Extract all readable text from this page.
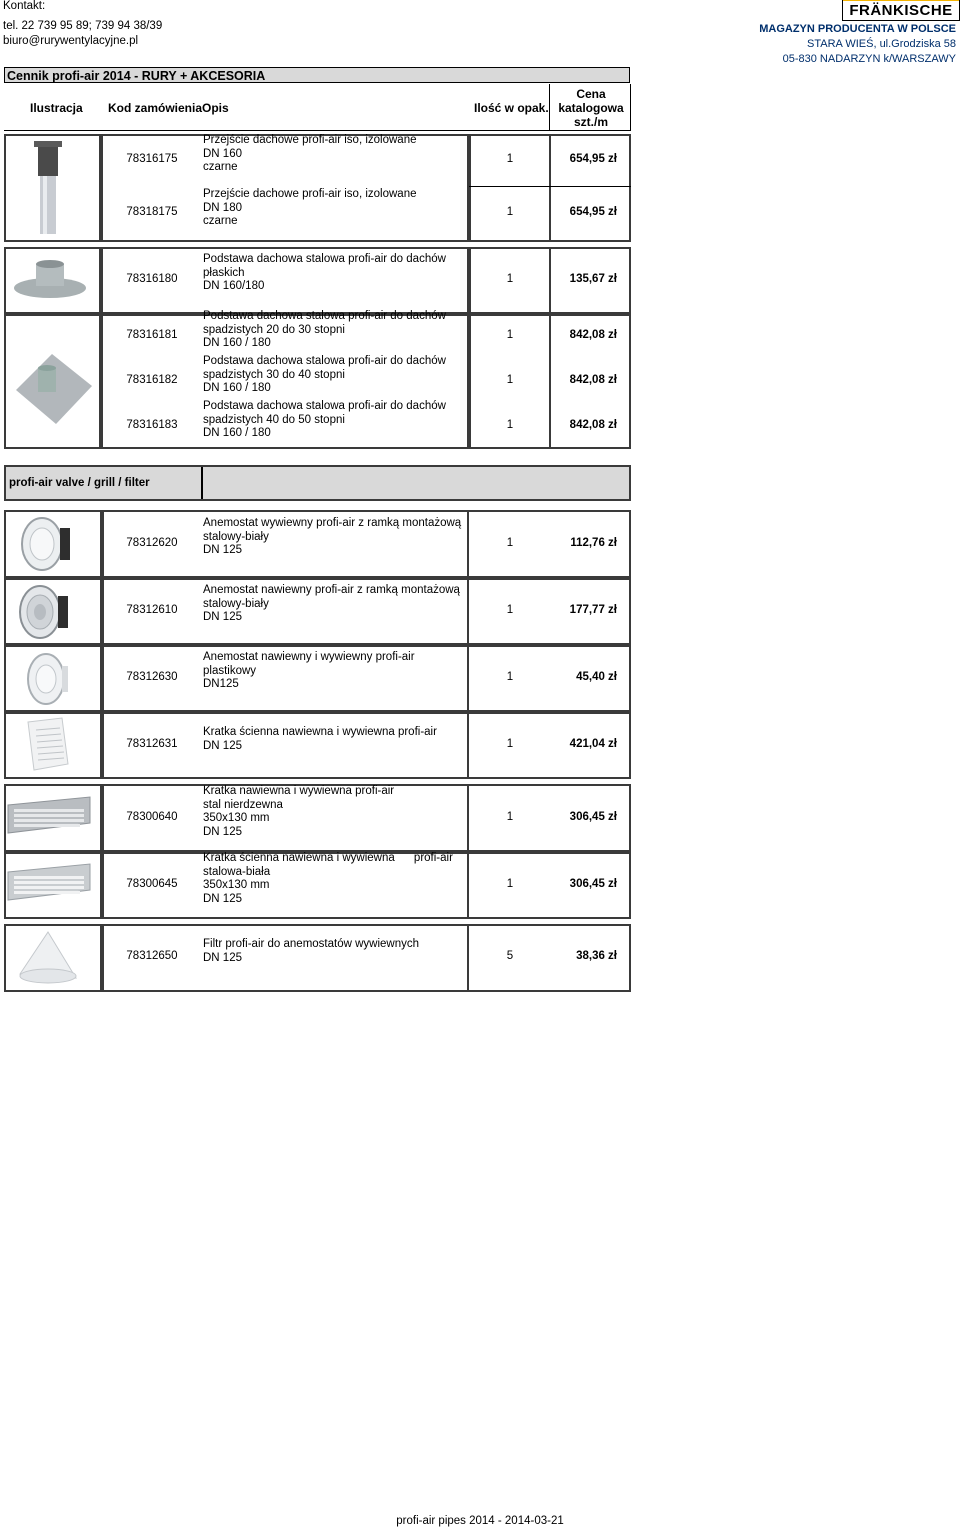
Kontakt:
tel. 22 739 95 89; 739 94 38/39
biuro@rurywentylacyjne.pl
FRÄNKISCHE
MAGAZYN PRODUCENTA W POLSCE
STARA WIEŚ, ul.Grodziska 58
05-830 NADARZYN k/WARSZAWY
Cennik profi-air 2014 - RURY + AKCESORIA
Ilustracja Kod zamówienia Opis	Ilość w opak.
Cena
katalogowa
szt./m
profi-air valve / grill / filter
78316175
Przejście dachowe profi-air iso, izolowane
DN 160
czarne
1	654,95 zł
78318175
Przejście dachowe profi-air iso, izolowane
DN 180
czarne
1	654,95 zł
78316180
Podstawa dachowa stalowa profi-air do dachów
płaskich
DN 160/180
1	135,67 zł
78316181
Podstawa dachowa stalowa profi-air do dachów
spadzistych 20 do 30 stopni
DN 160 / 180
1	842,08 zł
78316182
Podstawa dachowa stalowa profi-air do dachów
spadzistych 30 do 40 stopni
DN 160 / 180
1	842,08 zł
78316183
Podstawa dachowa stalowa profi-air do dachów
spadzistych 40 do 50 stopni
DN 160 / 180
1	842,08 zł
78312620
Anemostat wywiewny profi-air z ramką montażową
stalowy-biały
DN 125
1	112,76 zł
78312610
Anemostat nawiewny profi-air z ramką montażową
stalowy-biały
DN 125
1	177,77 zł
78312630
Anemostat nawiewny i wywiewny profi-air
plastikowy
DN125
1	45,40 zł
78312631
Kratka ścienna nawiewna i wywiewna profi-air
DN 125	1	421,04 zł
78300640
Kratka nawiewna i wywiewna profi-air
stal nierdzewna
350x130 mm
DN 125
1	306,45 zł
78300645
Kratka ścienna nawiewna i wywiewna      profi-air
stalowa-biała
350x130 mm
DN 125
1	306,45 zł
78312650
Filtr profi-air do anemostatów wywiewnych
DN 125	5	38,36 zł
profi-air pipes 2014 - 2014-03-21
